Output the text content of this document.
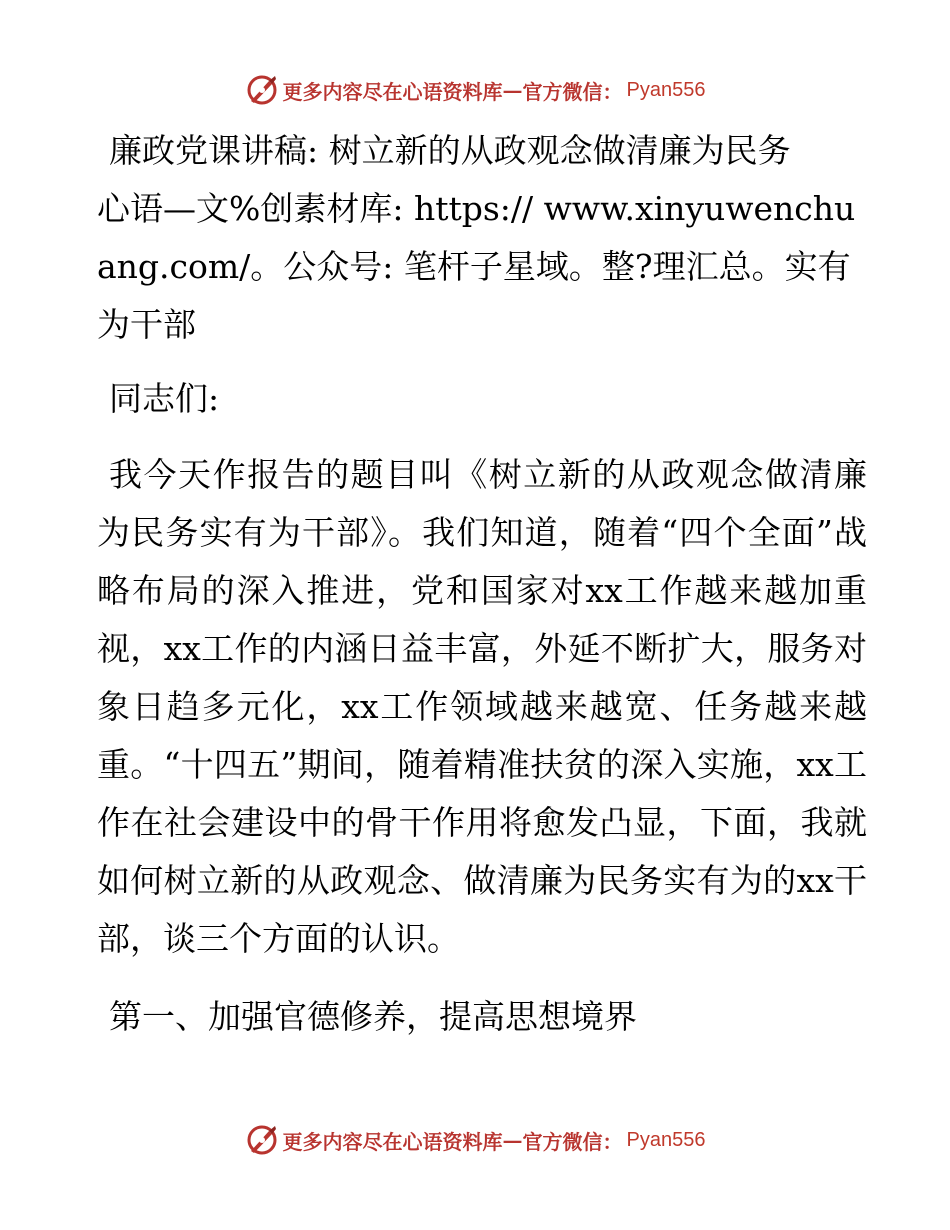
更多内容尽在心语资料库 — 官方微信： Pyan556

廉政党课讲稿: 树立新的从政观念做清廉为民务

心语—文%创素材库: https:// www.xinyuwenchuang.com/。公众号: 笔杆子星域。整?理汇总。实有为干部

同志们:

我今天作报告的题目叫《树立新的从政观念做清廉为民务实有为干部》。我们知道，随着“四个全面”战略布局的深入推进，党和国家对xx工作越来越加重视，xx工作的内涵日益丰富，外延不断扩大，服务对象日趋多元化，xx工作领域越来越宽、任务越来越重。“十四五”期间，随着精准扶贫的深入实施，xx工作在社会建设中的骨干作用将愈发凸显，下面，我就如何树立新的从政观念、做清廉为民务实有为的xx干部，谈三个方面的认识。

第一、加强官德修养，提高思想境界

更多内容尽在心语资料库 — 官方微信： Pyan556
